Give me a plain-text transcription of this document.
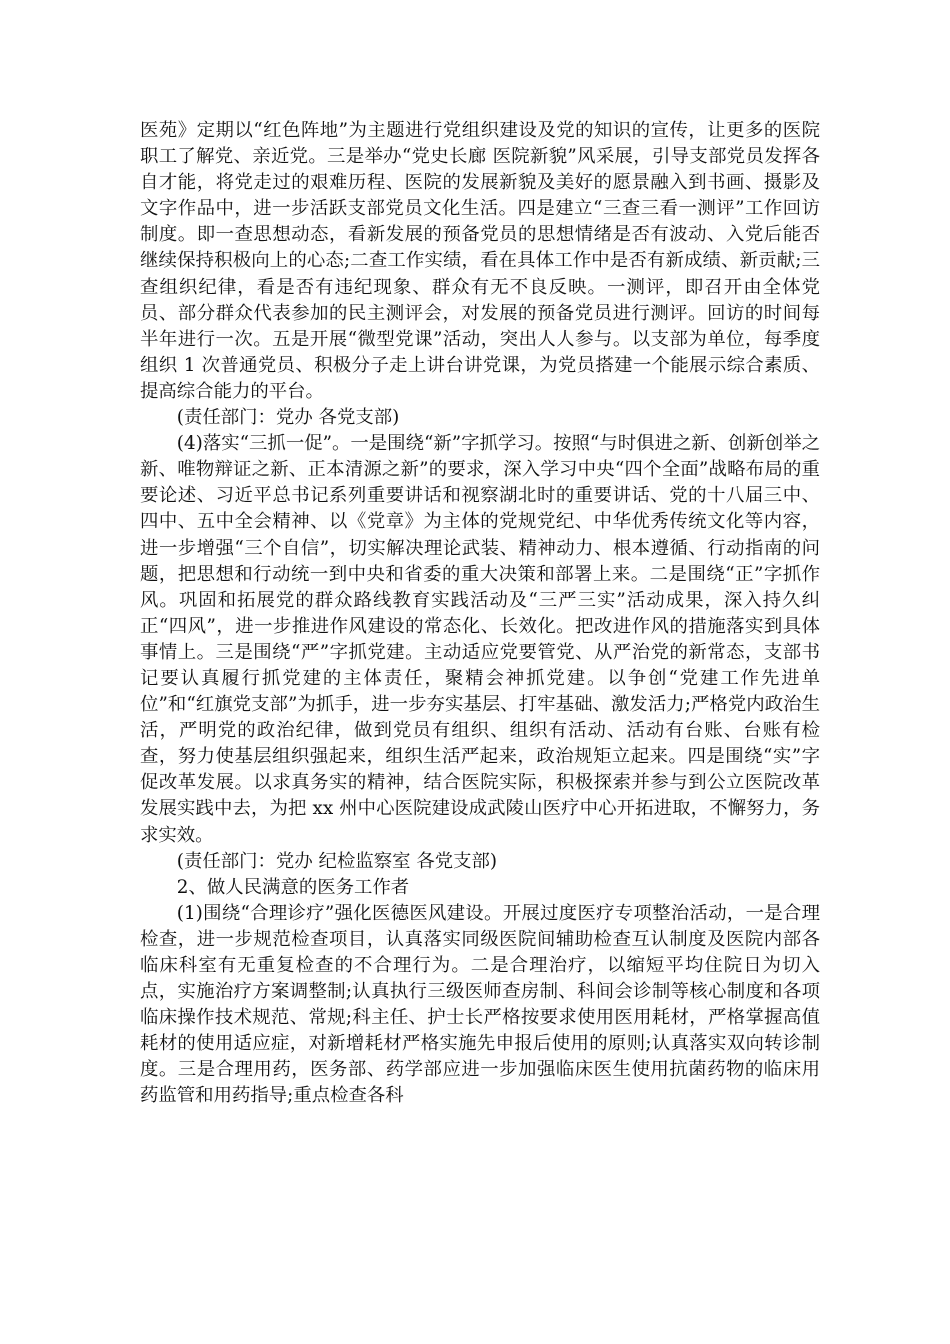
医苑》定期以“红色阵地”为主题进行党组织建设及党的知识的宣传，让更多的医院职工了解党、亲近党。三是举办“党史长廊 医院新貌”风采展，引导支部党员发挥各自才能，将党走过的艰难历程、医院的发展新貌及美好的愿景融入到书画、摄影及文字作品中，进一步活跃支部党员文化生活。四是建立“三查三看一测评”工作回访制度。即一查思想动态，看新发展的预备党员的思想情绪是否有波动、入党后能否继续保持积极向上的心态;二查工作实绩，看在具体工作中是否有新成绩、新贡献;三查组织纪律，看是否有违纪现象、群众有无不良反映。一测评，即召开由全体党员、部分群众代表参加的民主测评会，对发展的预备党员进行测评。回访的时间每半年进行一次。五是开展“微型党课”活动，突出人人参与。以支部为单位，每季度组织 1 次普通党员、积极分子走上讲台讲党课，为党员搭建一个能展示综合素质、提高综合能力的平台。

(责任部门：党办 各党支部)

(4)落实“三抓一促”。一是围绕“新”字抓学习。按照“与时俱进之新、创新创举之新、唯物辩证之新、正本清源之新”的要求，深入学习中央“四个全面”战略布局的重要论述、习近平总书记系列重要讲话和视察湖北时的重要讲话、党的十八届三中、四中、五中全会精神、以《党章》为主体的党规党纪、中华优秀传统文化等内容，进一步增强“三个自信”，切实解决理论武装、精神动力、根本遵循、行动指南的问题，把思想和行动统一到中央和省委的重大决策和部署上来。二是围绕“正”字抓作风。巩固和拓展党的群众路线教育实践活动及“三严三实”活动成果，深入持久纠正“四风”，进一步推进作风建设的常态化、长效化。把改进作风的措施落实到具体事情上。三是围绕“严”字抓党建。主动适应党要管党、从严治党的新常态，支部书记要认真履行抓党建的主体责任，聚精会神抓党建。以争创“党建工作先进单位”和“红旗党支部”为抓手，进一步夯实基层、打牢基础、激发活力;严格党内政治生活，严明党的政治纪律，做到党员有组织、组织有活动、活动有台账、台账有检查，努力使基层组织强起来，组织生活严起来，政治规矩立起来。四是围绕“实”字促改革发展。以求真务实的精神，结合医院实际，积极探索并参与到公立医院改革发展实践中去，为把 xx 州中心医院建设成武陵山医疗中心开拓进取，不懈努力，务求实效。

(责任部门：党办 纪检监察室 各党支部)

2、做人民满意的医务工作者

(1)围绕“合理诊疗”强化医德医风建设。开展过度医疗专项整治活动，一是合理检查，进一步规范检查项目，认真落实同级医院间辅助检查互认制度及医院内部各临床科室有无重复检查的不合理行为。二是合理治疗，以缩短平均住院日为切入点，实施治疗方案调整制;认真执行三级医师查房制、科间会诊制等核心制度和各项临床操作技术规范、常规;科主任、护士长严格按要求使用医用耗材，严格掌握高值耗材的使用适应症，对新增耗材严格实施先申报后使用的原则;认真落实双向转诊制度。三是合理用药，医务部、药学部应进一步加强临床医生使用抗菌药物的临床用药监管和用药指导;重点检查各科
